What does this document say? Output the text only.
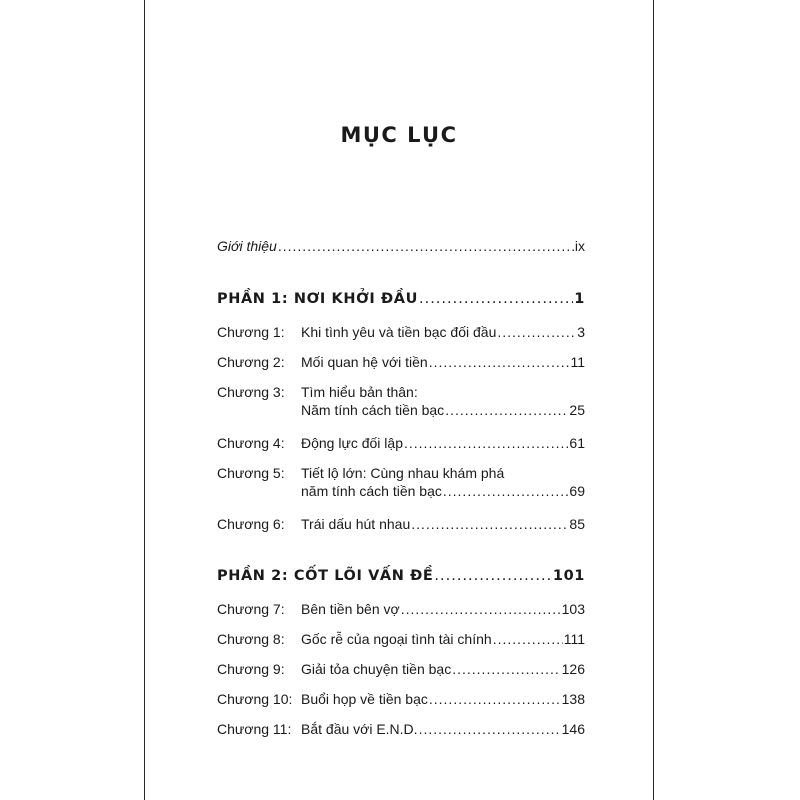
MỤC LỤC
Giới thiệu .....	ix
PHẦN 1: NƠI KHỞI ĐẦU .....	1
Chương 1:	Khi tình yêu và tiền bạc đối đầu .....	3
Chương 2:	Mối quan hệ với tiền .....	11
Chương 3:	Tìm hiểu bản thân:
Năm tính cách tiền bạc .....	25
Chương 4:	Động lực đối lập .....	61
Chương 5:	Tiết lộ lớn: Cùng nhau khám phá
năm tính cách tiền bạc .....	69
Chương 6:	Trái dấu hút nhau .....	85
PHẦN 2: CỐT LÕI VẤN ĐỀ .....	101
Chương 7:	Bên tiền bên vợ .....	103
Chương 8:	Gốc rễ của ngoại tình tài chính .....	111
Chương 9:	Giải tỏa chuyện tiền bạc .....	126
Chương 10: Buổi họp về tiền bạc .....	138
Chương 11: Bắt đầu với E.N.D. .....	146
